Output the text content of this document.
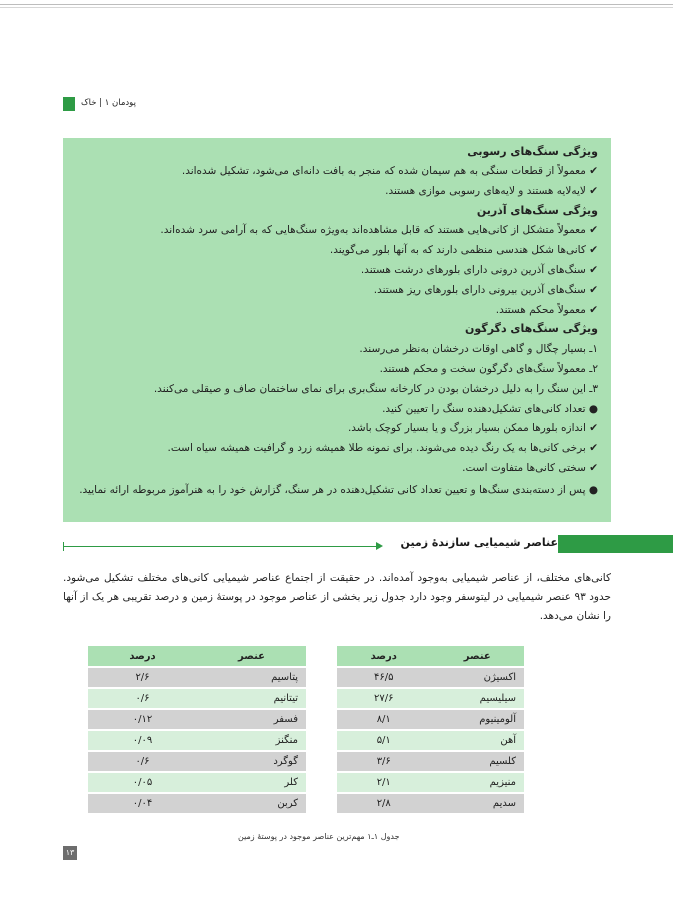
پودمان ۱ | خاک
ویژگی سنگ‌های رسوبی
✔ معمولاً از قطعات سنگی به هم سیمان شده که منجر به بافت دانه‌ای می‌شود، تشکیل شده‌اند.
✔ لایه‌لایه هستند و لایه‌های رسوبی موازی هستند.
ویژگی سنگ‌های آذرین
✔ معمولاً متشکل از کانی‌هایی هستند که قابل مشاهده‌اند به‌ویژه سنگ‌هایی که به آرامی سرد شده‌اند.
✔ کانی‌ها شکل هندسی منظمی دارند که به آنها بلور می‌گویند.
✔ سنگ‌های آذرین درونی دارای بلورهای درشت هستند.
✔ سنگ‌های آذرین بیرونی دارای بلورهای ریز هستند.
✔ معمولاً محکم هستند.
ویژگی سنگ‌های دگرگون
۱ـ بسیار چگال و گاهی اوقات درخشان به‌نظر می‌رسند.
۲ـ معمولاً سنگ‌های دگرگون سخت و محکم هستند.
۳ـ این سنگ را به دلیل درخشان بودن در کارخانه سنگ‌بری برای نمای ساختمان صاف و صیقلی می‌کنند.
● تعداد کانی‌های تشکیل‌دهنده سنگ را تعیین کنید.
✔ اندازه بلورها ممکن بسیار بزرگ و یا بسیار کوچک باشد.
✔ برخی کانی‌ها به یک رنگ دیده می‌شوند. برای نمونه طلا همیشه زرد و گرافیت همیشه سیاه است.
✔ سختی کانی‌ها متفاوت است.
● پس از دسته‌بندی سنگ‌ها و تعیین تعداد کانی تشکیل‌دهنده در هر سنگ، گزارش خود را به هنرآموز مربوطه ارائه نمایید.
عناصر شیمیایی سازندۀ زمین
کانی‌های مختلف، از عناصر شیمیایی به‌وجود آمده‌اند. در حقیقت از اجتماع عناصر شیمیایی کانی‌های مختلف تشکیل می‌شود. حدود ۹۳ عنصر شیمیایی در لیتوسفر وجود دارد جدول زیر بخشی از عناصر موجود در پوستۀ زمین و درصد تقریبی هر یک از آنها را نشان می‌دهد.
عنصر	درصد
اکسیژن	۴۶/۵
سیلیسیم	۲۷/۶
آلومینیوم	۸/۱
آهن	۵/۱
کلسیم	۳/۶
منیزیم	۲/۱
سدیم	۲/۸
عنصر	درصد
پتاسیم	۲/۶
تیتانیم	۰/۶
فسفر	۰/۱۲
منگنز	۰/۰۹
گوگرد	۰/۶
کلر	۰/۰۵
کربن	۰/۰۴
جدول ۱ـ۱ مهم‌ترین عناصر موجود در پوستۀ زمین
۱۳
